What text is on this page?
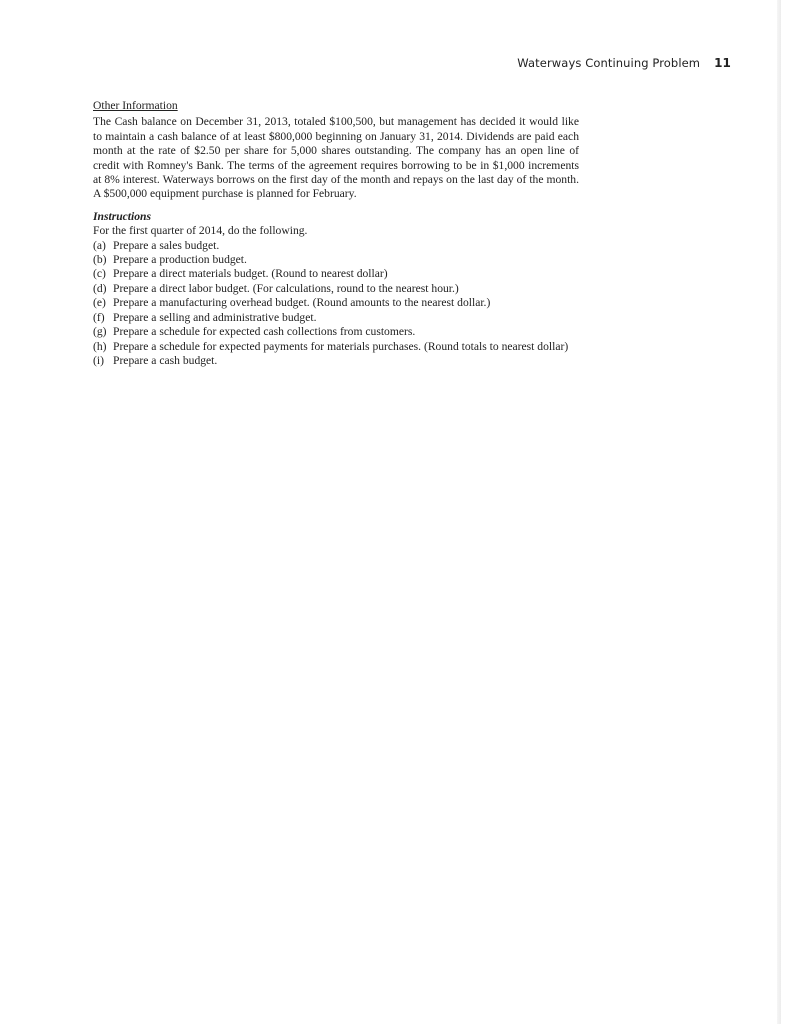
Waterways Continuing Problem 11

Other Information

The Cash balance on December 31, 2013, totaled $100,500, but management has decided it would like to maintain a cash balance of at least $800,000 beginning on January 31, 2014. Dividends are paid each month at the rate of $2.50 per share for 5,000 shares outstanding. The company has an open line of credit with Romney's Bank. The terms of the agreement requires borrowing to be in $1,000 increments at 8% interest. Waterways borrows on the first day of the month and repays on the last day of the month. A $500,000 equipment purchase is planned for February.

Instructions

For the first quarter of 2014, do the following.

(a) Prepare a sales budget.
(b) Prepare a production budget.
(c) Prepare a direct materials budget. (Round to nearest dollar)
(d) Prepare a direct labor budget. (For calculations, round to the nearest hour.)
(e) Prepare a manufacturing overhead budget. (Round amounts to the nearest dollar.)
(f) Prepare a selling and administrative budget.
(g) Prepare a schedule for expected cash collections from customers.
(h) Prepare a schedule for expected payments for materials purchases. (Round totals to nearest dollar)
(i) Prepare a cash budget.
